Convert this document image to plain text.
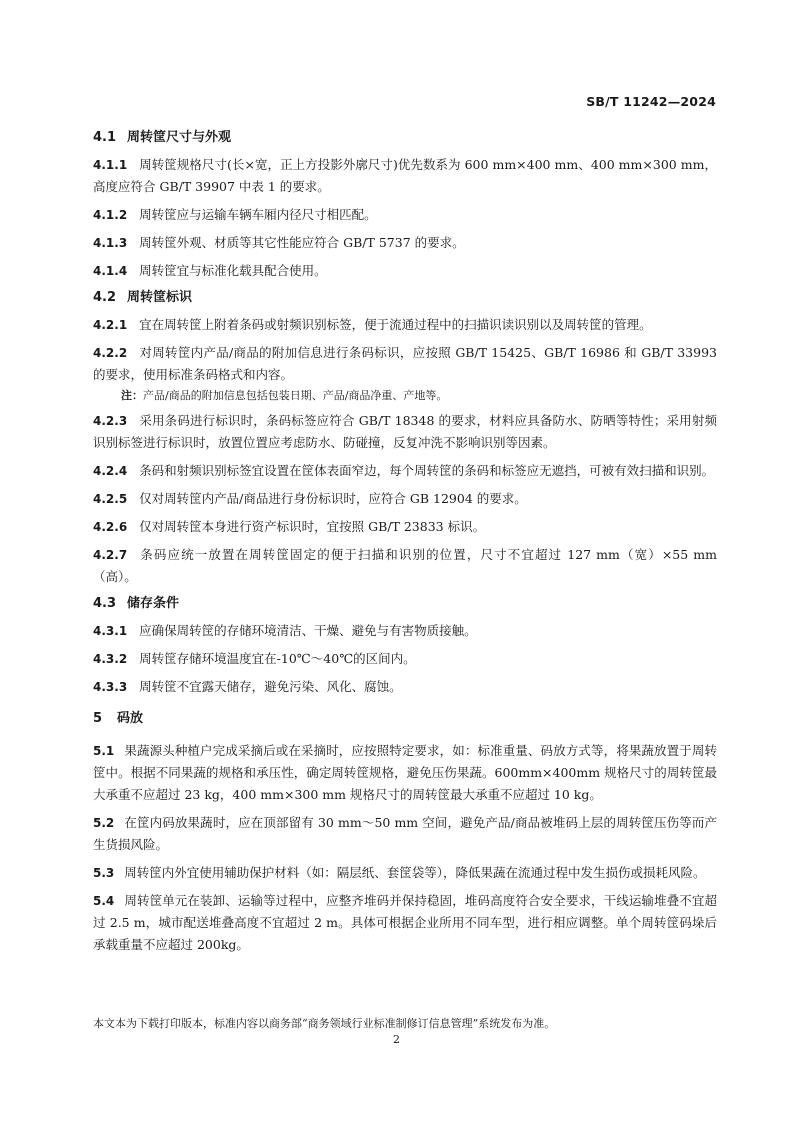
SB/T 11242—2024
4.1 周转筐尺寸与外观

4.1.1 周转筐规格尺寸(长×宽，正上方投影外廓尺寸)优先数系为 600 mm×400 mm、400 mm×300 mm，高度应符合 GB/T 39907 中表 1 的要求。

4.1.2 周转筐应与运输车辆车厢内径尺寸相匹配。

4.1.3 周转筐外观、材质等其它性能应符合 GB/T 5737 的要求。

4.1.4 周转筐宜与标准化载具配合使用。

4.2 周转筐标识

4.2.1 宜在周转筐上附着条码或射频识别标签，便于流通过程中的扫描识读识别以及周转筐的管理。

4.2.2 对周转筐内产品/商品的附加信息进行条码标识，应按照 GB/T 15425、GB/T 16986 和 GB/T 33993 的要求，使用标准条码格式和内容。

注：产品/商品的附加信息包括包装日期、产品/商品净重、产地等。

4.2.3 采用条码进行标识时，条码标签应符合 GB/T 18348 的要求，材料应具备防水、防晒等特性；采用射频识别标签进行标识时，放置位置应考虑防水、防碰撞，反复冲洗不影响识别等因素。

4.2.4 条码和射频识别标签宜设置在筐体表面窄边，每个周转筐的条码和标签应无遮挡，可被有效扫描和识别。

4.2.5 仅对周转筐内产品/商品进行身份标识时，应符合 GB 12904 的要求。

4.2.6 仅对周转筐本身进行资产标识时，宜按照 GB/T 23833 标识。

4.2.7 条码应统一放置在周转筐固定的便于扫描和识别的位置，尺寸不宜超过 127 mm（宽）×55 mm（高）。

4.3 储存条件

4.3.1 应确保周转筐的存储环境清洁、干燥、避免与有害物质接触。

4.3.2 周转筐存储环境温度宜在-10℃～40℃的区间内。

4.3.3 周转筐不宜露天储存，避免污染、风化、腐蚀。

5 码放

5.1 果蔬源头种植户完成采摘后或在采摘时，应按照特定要求，如：标准重量、码放方式等，将果蔬放置于周转筐中。根据不同果蔬的规格和承压性，确定周转筐规格，避免压伤果蔬。600mm×400mm 规格尺寸的周转筐最大承重不应超过 23 kg，400 mm×300 mm 规格尺寸的周转筐最大承重不应超过 10 kg。

5.2 在筐内码放果蔬时，应在顶部留有 30 mm～50 mm 空间，避免产品/商品被堆码上层的周转筐压伤等而产生货损风险。

5.3 周转筐内外宜使用辅助保护材料（如：隔层纸、套筐袋等），降低果蔬在流通过程中发生损伤或损耗风险。

5.4 周转筐单元在装卸、运输等过程中，应整齐堆码并保持稳固，堆码高度符合安全要求，干线运输堆叠不宜超过 2.5 m，城市配送堆叠高度不宜超过 2 m。具体可根据企业所用不同车型，进行相应调整。单个周转筐码垛后承载重量不应超过 200kg。

本文本为下载打印版本，标准内容以商务部“商务领域行业标准制修订信息管理”系统发布为准。
2
